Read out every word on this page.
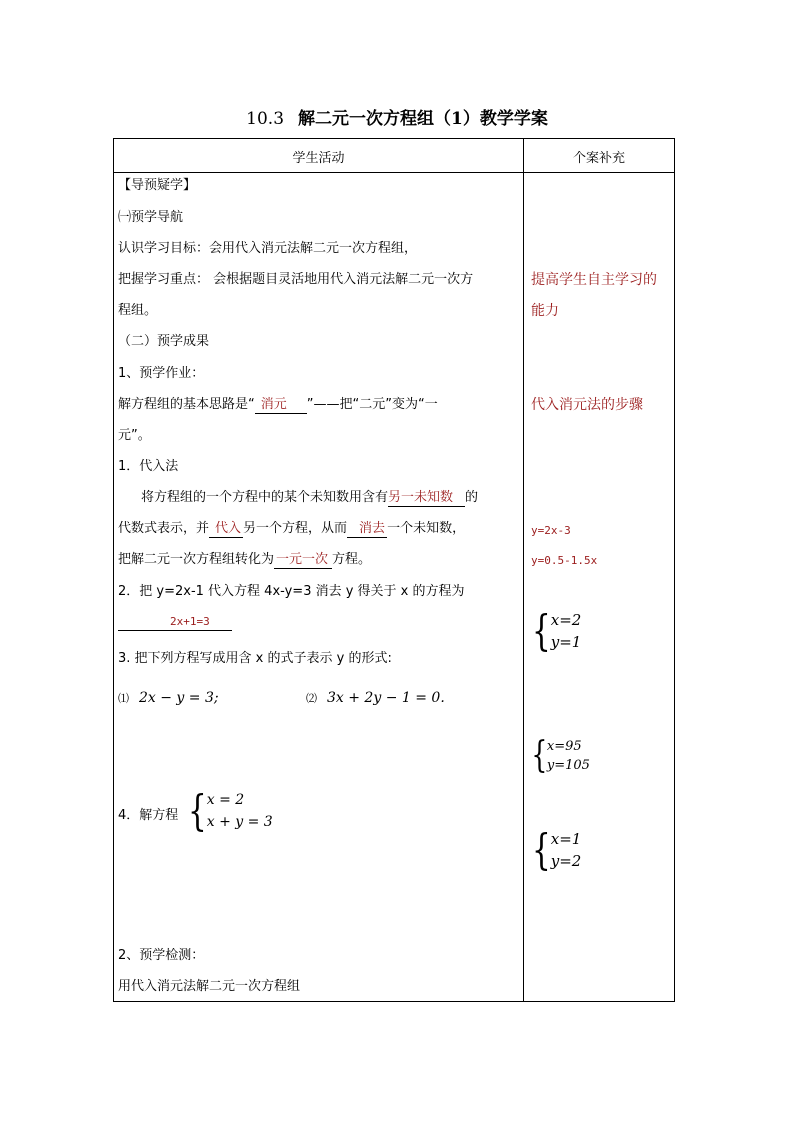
10.3 解二元一次方程组（1）教学学案
学生活动	个案补充
【导预疑学】
㈠预学导航
认识学习目标：会用代入消元法解二元一次方程组，
把握学习重点： 会根据题目灵活地用代入消元法解二元一次方
程组。
（二）预学成果
1、预学作业：
解方程组的基本思路是“ 消元 ”——把“二元”变为“一
元”。
1．代入法
将方程组的一个方程中的某个未知数用含有另一未知数 的
代数式表示，并 代入 另一个方程，从而 消去 一个未知数，
把解二元一次方程组转化为 一元一次 方程。
2．把 y=2x-1 代入方程 4x-y=3 消去 y 得关于 x 的方程为
2x+1=3
3. 把下列方程写成用含 x 的式子表示 y 的形式:
⑴ 2x − y = 3;	⑵ 3x + 2y − 1 = 0.
4．解方程 { x = 2
x + y = 3
2、预学检测：
用代入消元法解二元一次方程组
提高学生自主学习的
能力
代入消元法的步骤
y=2x-3
y=0.5-1.5x
{ x=2
y=1
{ x=95
y=105
{ x=1
y=2
